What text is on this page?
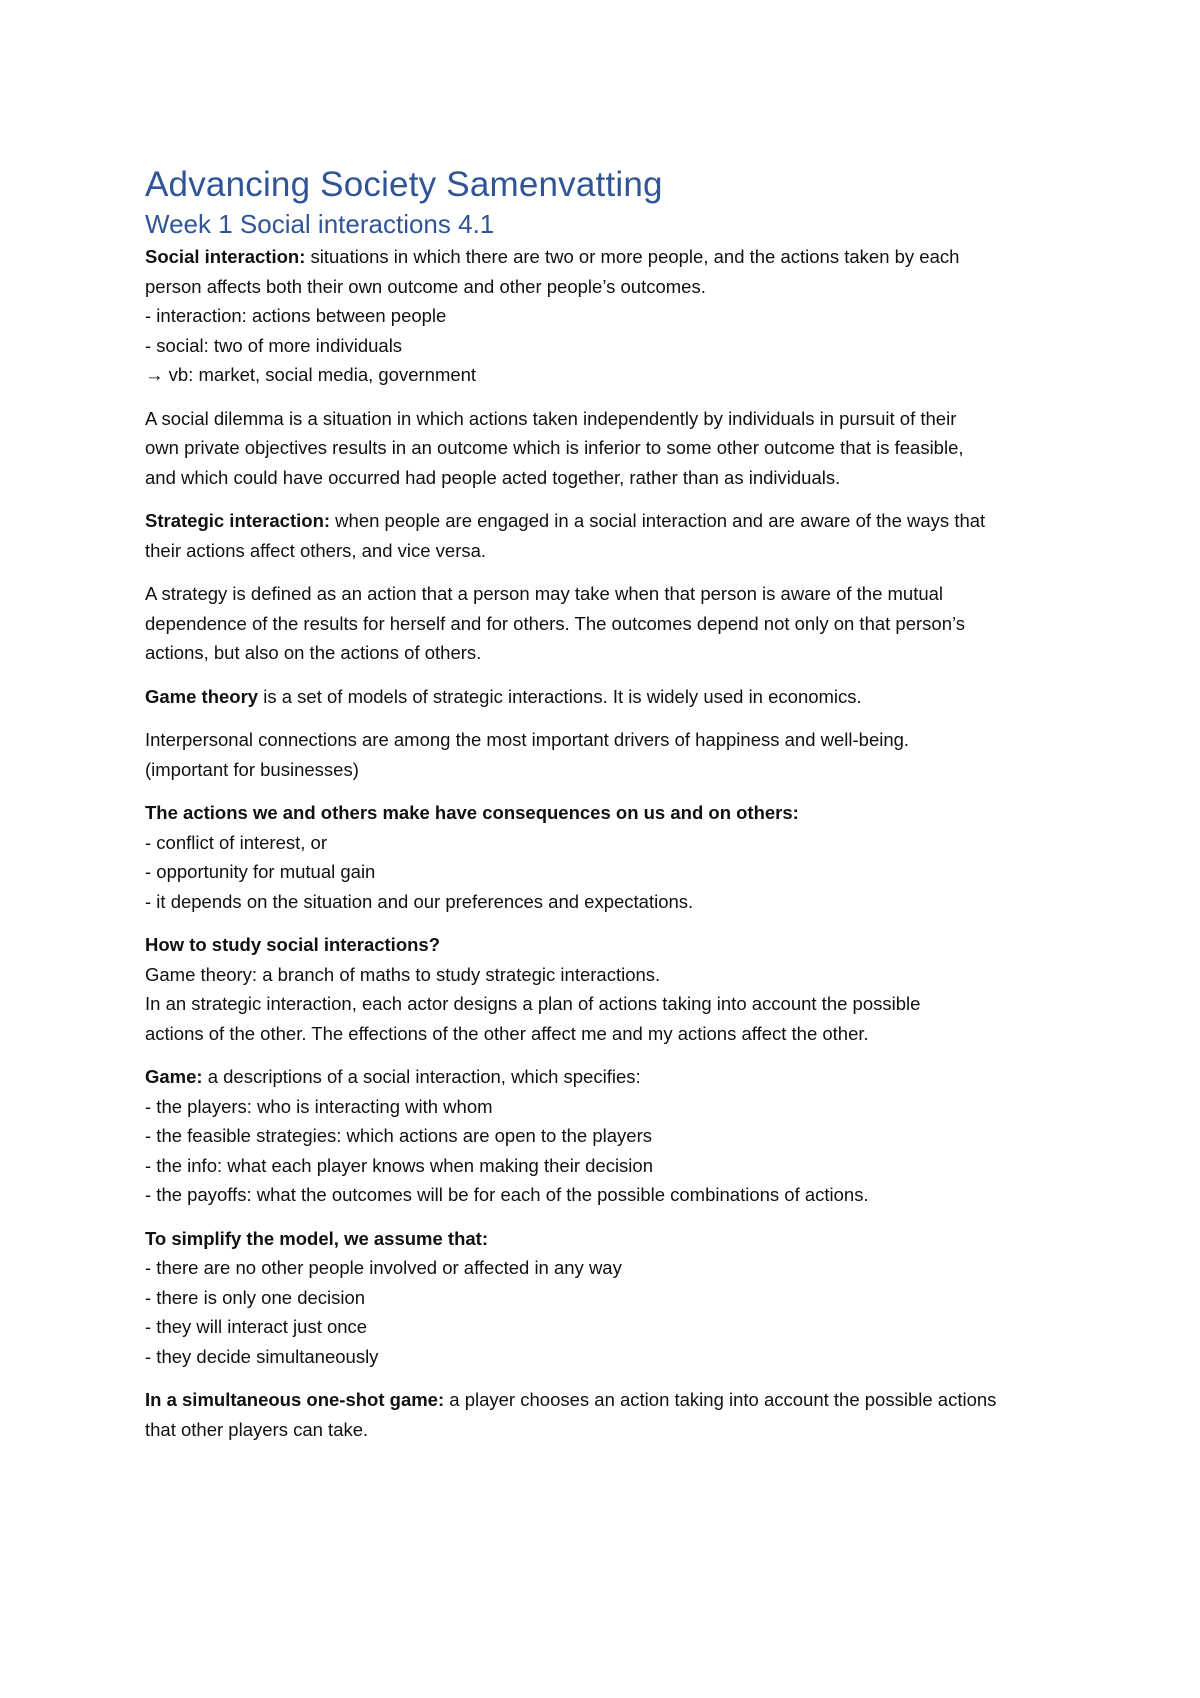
Advancing Society Samenvatting
Week 1 Social interactions 4.1
Social interaction: situations in which there are two or more people, and the actions taken by each
person affects both their own outcome and other people’s outcomes.
- interaction: actions between people
- social: two of more individuals
→ vb: market, social media, government
A social dilemma is a situation in which actions taken independently by individuals in pursuit of their
own private objectives results in an outcome which is inferior to some other outcome that is feasible,
and which could have occurred had people acted together, rather than as individuals.
Strategic interaction: when people are engaged in a social interaction and are aware of the ways that
their actions affect others, and vice versa.
A strategy is defined as an action that a person may take when that person is aware of the mutual
dependence of the results for herself and for others. The outcomes depend not only on that person’s
actions, but also on the actions of others.
Game theory is a set of models of strategic interactions. It is widely used in economics.
Interpersonal connections are among the most important drivers of happiness and well-being.
(important for businesses)
The actions we and others make have consequences on us and on others:
- conflict of interest, or
- opportunity for mutual gain
- it depends on the situation and our preferences and expectations.
How to study social interactions?
Game theory: a branch of maths to study strategic interactions.
In an strategic interaction, each actor designs a plan of actions taking into account the possible
actions of the other. The effections of the other affect me and my actions affect the other.
Game: a descriptions of a social interaction, which specifies:
- the players: who is interacting with whom
- the feasible strategies: which actions are open to the players
- the info: what each player knows when making their decision
- the payoffs: what the outcomes will be for each of the possible combinations of actions.
To simplify the model, we assume that:
- there are no other people involved or affected in any way
- there is only one decision
- they will interact just once
- they decide simultaneously
In a simultaneous one-shot game: a player chooses an action taking into account the possible actions
that other players can take.
